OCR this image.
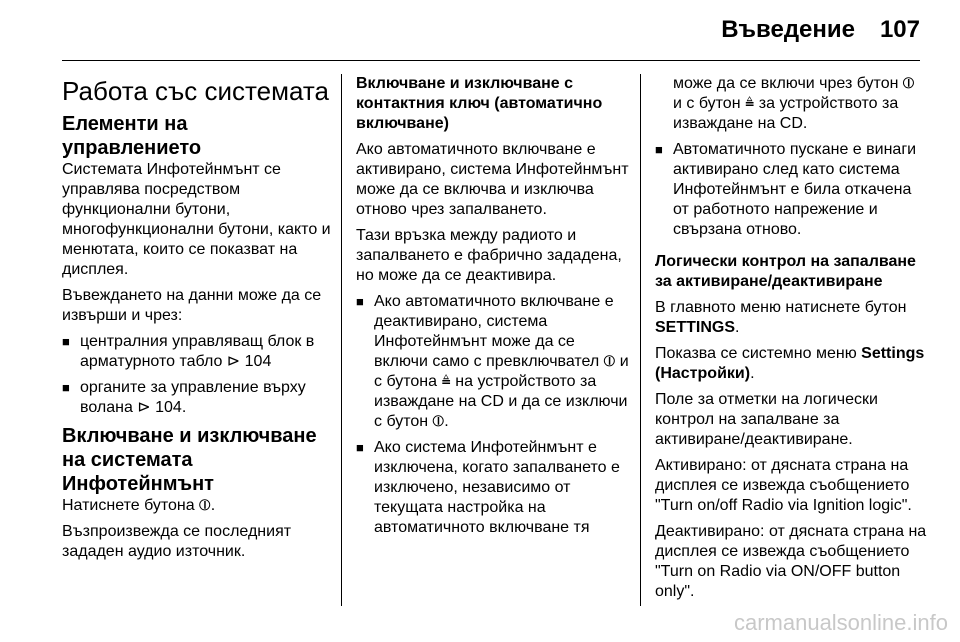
Въведение 107
Работа със системата
Елементи на управлението

Системата Инфотейнмънт се управлява посредством функционални бутони, многофункционални бутони, както и менютата, които се показват на дисплея.

Въвеждането на данни може да се извърши и чрез:

■ централния управляващ блок в арматурното табло ⊳ 104
■ органите за управление върху волана ⊳ 104.
Включване и изключване на системата Инфотейнмънт

Натиснете бутона ⦶.

Възпроизвежда се последният зададен аудио източник.

Включване и изключване с контактния ключ (автоматично включване)

Ако автоматичното включване е активирано, система Инфотейнмънт може да се включва и изключва отново чрез запалването.

Тази връзка между радиото и запалването е фабрично зададена, но може да се деактивира.

■ Ако автоматичното включване е деактивирано, система Инфотейнмънт може да се включи само с превключвател ⦶ и с бутона ≜ на устройството за изваждане на CD и да се изключи с бутон ⦶.
■ Ако система Инфотейнмънт е изключена, когато запалването е изключено, независимо от текущата настройка на автоматичното включване тя

може да се включи чрез бутон ⦶ и с бутон ≜ за устройството за изваждане на CD.

■ Автоматичното пускане е винаги активирано след като система Инфотейнмънт е била откачена от работното напрежение и свързана отново.

Логически контрол на запалване за активиране/деактивиране

В главното меню натиснете бутон SETTINGS.

Показва се системно меню Settings (Настройки).

Поле за отметки на логически контрол на запалване за активиране/деактивиране.

Активирано: от дясната страна на дисплея се извежда съобщението "Turn on/off Radio via Ignition logic".

Деактивирано: от дясната страна на дисплея се извежда съобщението "Turn on Radio via ON/OFF button only".

carmanualsonline.info
